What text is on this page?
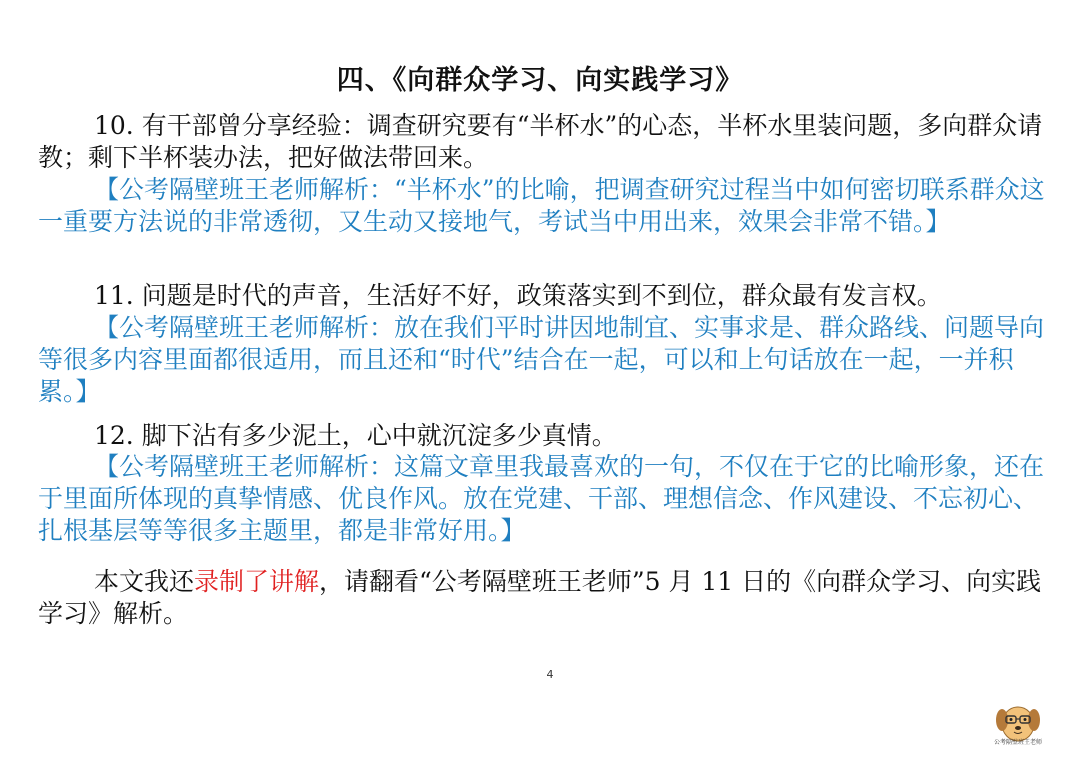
四、《向群众学习、向实践学习》

10. 有干部曾分享经验：调查研究要有“半杯水”的心态，半杯水里装问题，多向群众请教；剩下半杯装办法，把好做法带回来。

【公考隔壁班王老师解析：“半杯水”的比喻，把调查研究过程当中如何密切联系群众这一重要方法说的非常透彻，又生动又接地气，考试当中用出来，效果会非常不错。】

11. 问题是时代的声音，生活好不好，政策落实到不到位，群众最有发言权。

【公考隔壁班王老师解析：放在我们平时讲因地制宜、实事求是、群众路线、问题导向等很多内容里面都很适用，而且还和“时代”结合在一起，可以和上句话放在一起，一并积累。】

12. 脚下沾有多少泥土，心中就沉淀多少真情。

【公考隔壁班王老师解析：这篇文章里我最喜欢的一句，不仅在于它的比喻形象，还在于里面所体现的真挚情感、优良作风。放在党建、干部、理想信念、作风建设、不忘初心、扎根基层等等很多主题里，都是非常好用。】

本文我还录制了讲解，请翻看“公考隔壁班王老师”5 月 11 日的《向群众学习、向实践学习》解析。

4
公考隔壁班王老师
